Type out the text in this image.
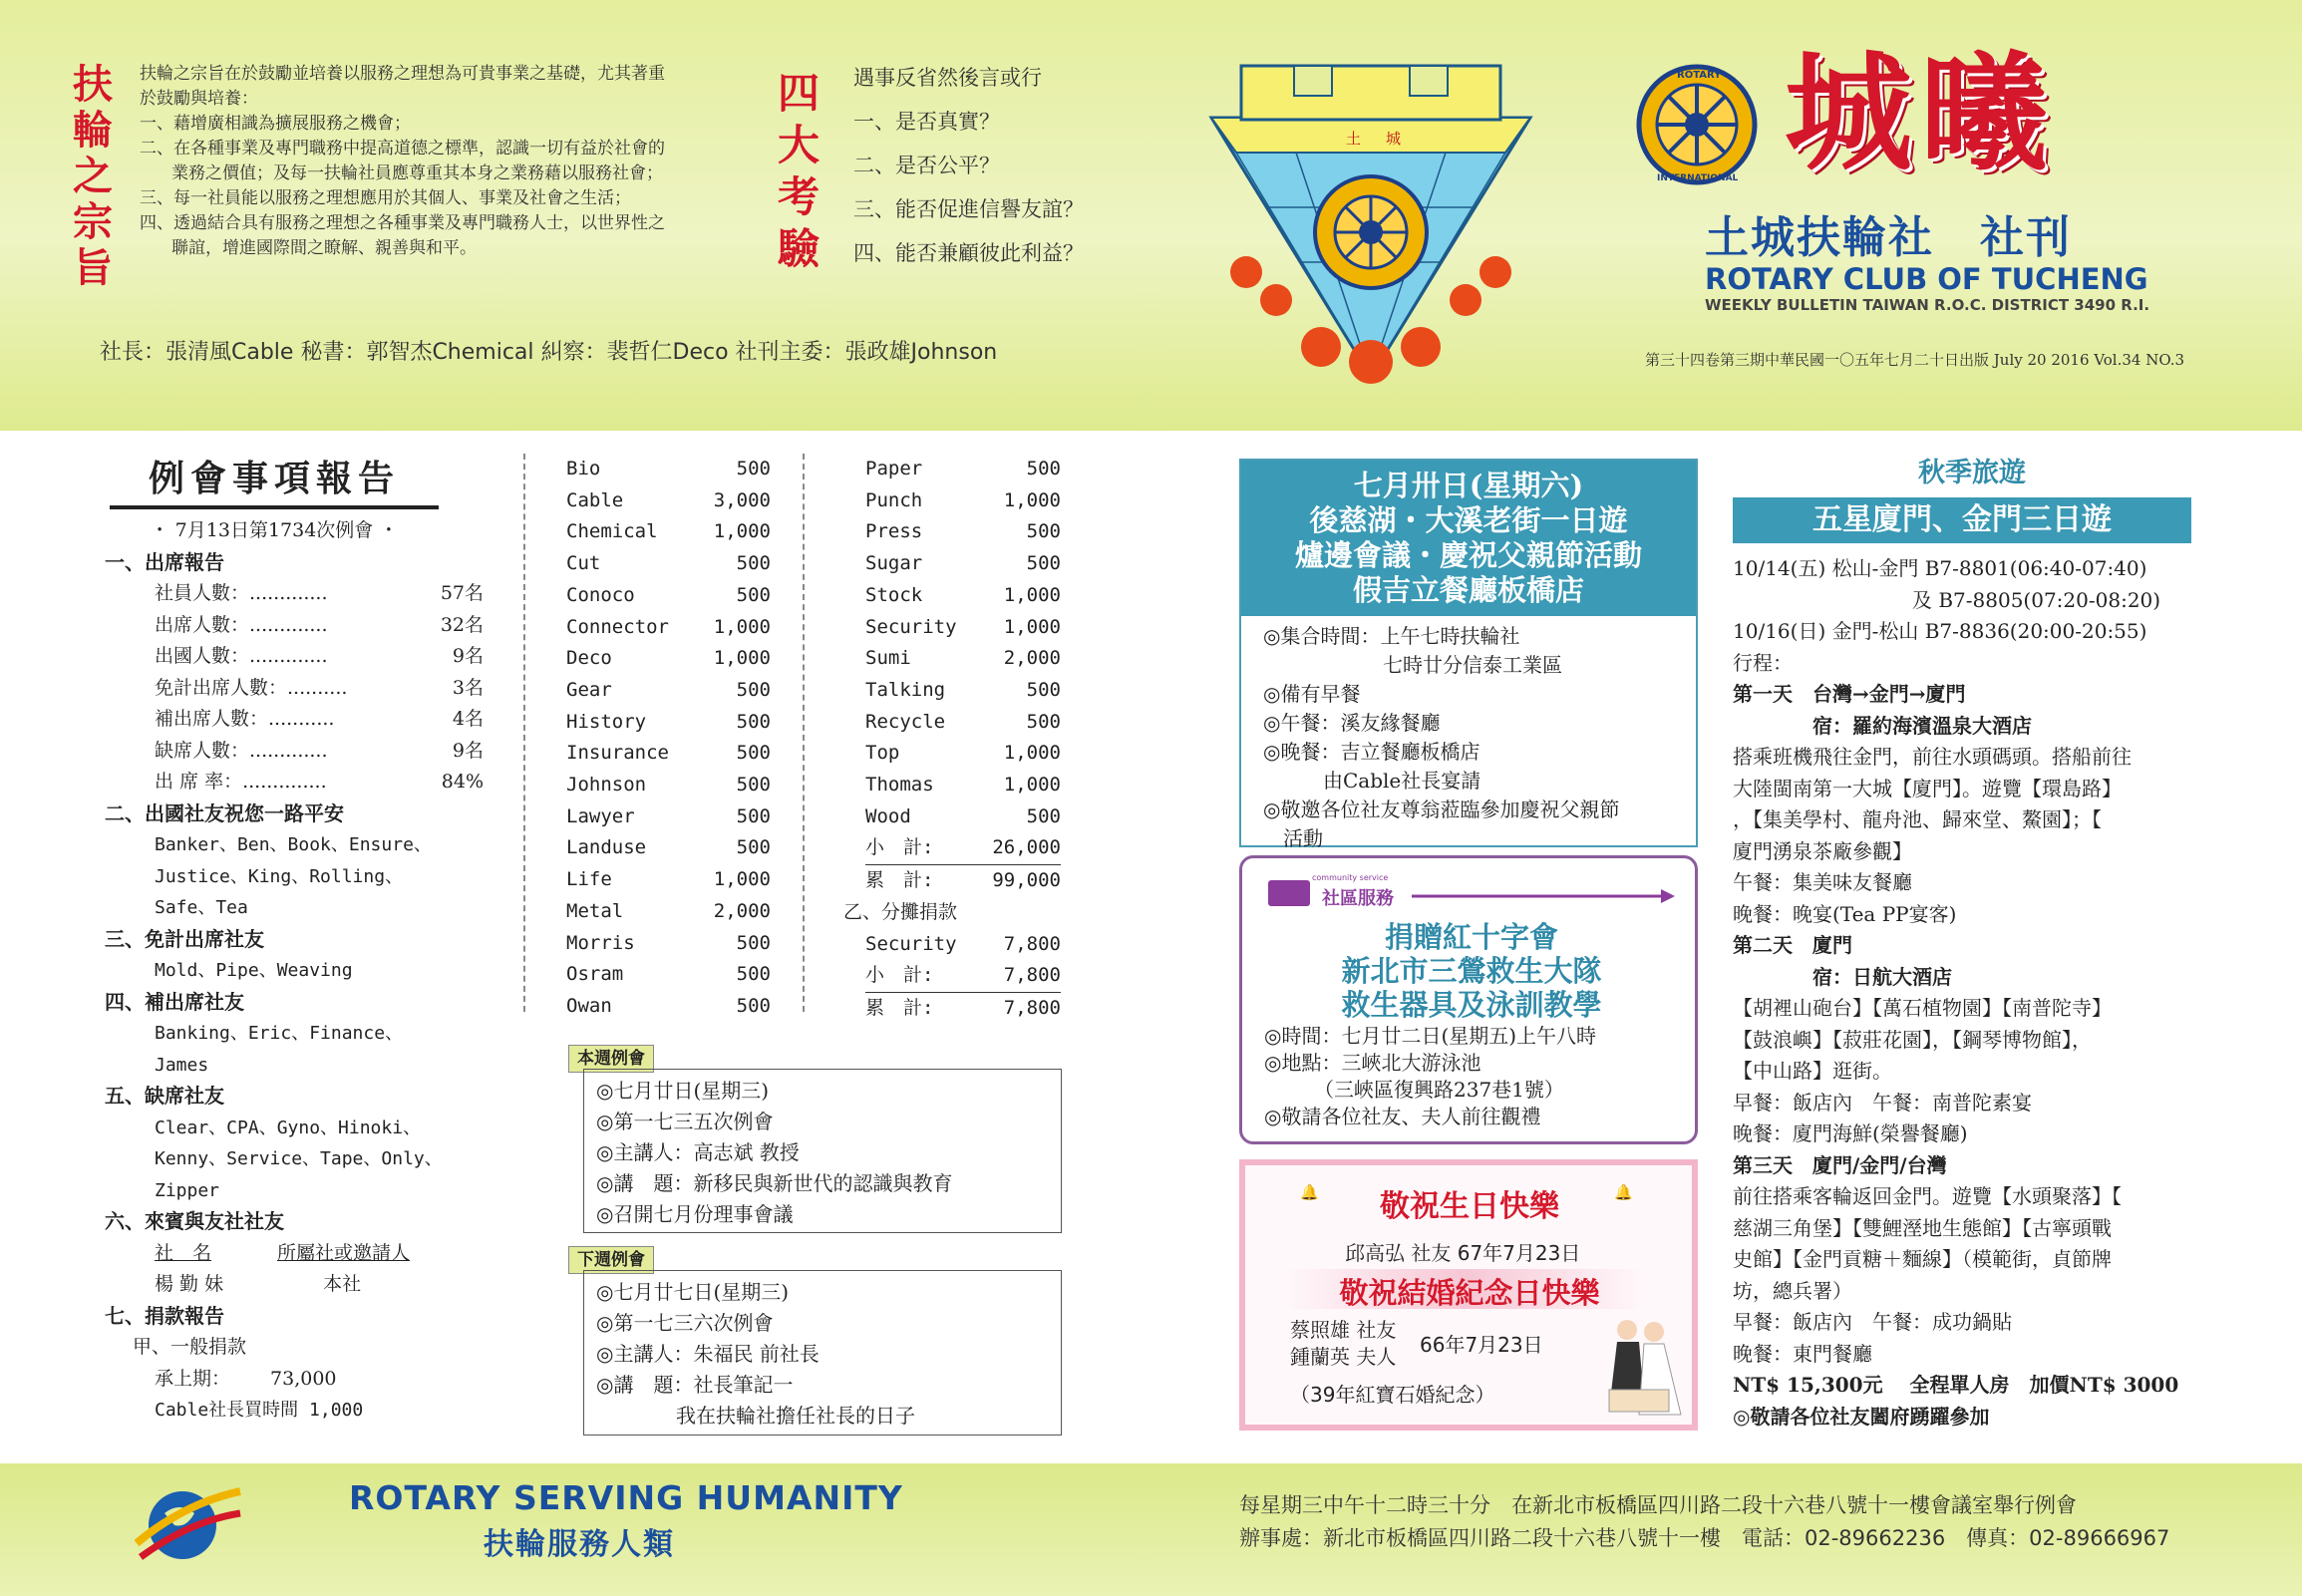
扶輪之宗旨
扶輪之宗旨在於鼓勵並培養以服務之理想為可貴事業之基礎，尤其著重
於鼓勵與培養：
一、藉增廣相識為擴展服務之機會；
二、在各種事業及專門職務中提高道德之標準，認識一切有益於社會的
業務之價值；及每一扶輪社員應尊重其本身之業務藉以服務社會；
三、每一社員能以服務之理想應用於其個人、事業及社會之生活；
四、透過結合具有服務之理想之各種事業及專門職務人士，以世界性之
聯誼，增進國際間之瞭解、親善與和平。
四大考驗
遇事反省然後言或行
一、是否真實？
二、是否公平？
三、能否促進信譽友誼？
四、能否兼顧彼此利益？
社長：張清風Cable 秘書：郭智杰Chemical 糾察：裴哲仁Deco 社刊主委：張政雄Johnson
土 城
ROTARY
INTERNATIONAL 城曦
土城扶輪社　社刊
ROTARY CLUB OF TUCHENG
WEEKLY BULLETIN TAIWAN R.O.C. DISTRICT 3490 R.I.
第三十四卷第三期中華民國一〇五年七月二十日出版 July 20 2016 Vol.34 NO.3
例會事項報告
・ 7月13日第1734次例會 ・
一、出席報告
社員人數：.............	57名
出席人數：.............	32名
出國人數：.............	9名
免計出席人數：..........	3名
補出席人數：...........	4名
缺席人數：.............	9名
出 席 率：..............	84%
二、出國社友祝您一路平安
Banker、Ben、Book、Ensure、
Justice、King、Rolling、
Safe、Tea
三、免計出席社友
Mold、Pipe、Weaving
四、補出席社友
Banking、Eric、Finance、
James
五、缺席社友
Clear、CPA、Gyno、Hinoki、
Kenny、Service、Tape、Only、
Zipper
六、來賓與友社社友
社　名	所屬社或邀請人
楊 勤 妹	本社
七、捐款報告
甲、一般捐款
承上期： 73,000
Cable社長買時間 1,000
Bio	500
Cable	3,000
Chemical	1,000
Cut	500
Conoco	500
Connector 1,000
Deco	1,000
Gear	500
History	500
Insurance	500
Johnson	500
Lawyer	500
Landuse	500
Life	1,000
Metal	2,000
Morris	500
Osram	500
Owan	500
Paper	500
Punch	1,000
Press	500
Sugar	500
Stock	1,000
Security 1,000
Sumi	2,000
Talking	500
Recycle	500
Top	1,000
Thomas	1,000
Wood	500
小　計:	26,000
累　計:	99,000
乙、分攤捐款
Security 7,800
小　計:	7,800
累　計:	7,800
本週例會
◎七月廿日(星期三)
◎第一七三五次例會
◎主講人：高志斌 教授
◎講　題：新移民與新世代的認識與教育
◎召開七月份理事會議
下週例會
◎七月廿七日(星期三)
◎第一七三六次例會
◎主講人：朱福民 前社長
◎講　題：社長筆記一
　　　　我在扶輪社擔任社長的日子
七月卅日(星期六)
後慈湖・大溪老街一日遊
爐邊會議・慶祝父親節活動
假吉立餐廳板橋店
◎集合時間：上午七時扶輪社
　　　　　　七時廿分信泰工業區
◎備有早餐
◎午餐：溪友緣餐廳
◎晚餐：吉立餐廳板橋店
　　　由Cable社長宴請
◎敬邀各位社友尊翁蒞臨參加慶祝父親節
　活動
community service
社區服務
捐贈紅十字會
新北市三鶯救生大隊
救生器具及泳訓教學
◎時間：七月廿二日(星期五)上午八時
◎地點：三峽北大游泳池
　　　（三峽區復興路237巷1號）
◎敬請各位社友、夫人前往觀禮
🔔	敬祝生日快樂	🔔
邱高弘 社友 67年7月23日
敬祝結婚紀念日快樂
蔡照雄 社友
鍾蘭英 夫人 66年7月23日
（39年紅寶石婚紀念）
秋季旅遊
五星廈門、金門三日遊
10/14(五) 松山-金門 B7-8801(06:40-07:40)
　　　　　　　　　及 B7-8805(07:20-08:20)
10/16(日) 金門-松山 B7-8836(20:00-20:55)
行程：
第一天　台灣→金門→廈門
　　　　宿：羅約海濱溫泉大酒店
搭乘班機飛往金門，前往水頭碼頭。搭船前往
大陸閩南第一大城【廈門】。遊覽【環島路】
，【集美學村、龍舟池、歸來堂、鰲園】；【
廈門湧泉茶廠參觀】
午餐：集美味友餐廳
晚餐：晚宴(Tea PP宴客)
第二天　廈門
　　　　宿：日航大酒店
【胡裡山砲台】【萬石植物園】【南普陀寺】
【鼓浪嶼】【菽莊花園】，【鋼琴博物館】，
【中山路】逛街。
早餐：飯店內　午餐：南普陀素宴
晚餐：廈門海鮮(榮譽餐廳)
第三天　廈門/金門/台灣
前往搭乘客輪返回金門。遊覽【水頭聚落】【
慈湖三角堡】【雙鯉溼地生態館】【古寧頭戰
史館】【金門貢糖＋麵線】（模範街，貞節牌
坊，總兵署）
早餐：飯店內　午餐：成功鍋貼
晚餐：東門餐廳
NT$ 15,300元　 全程單人房　加價NT$ 3000
◎敬請各位社友闔府踴躍參加
ROTARY SERVING HUMANITY
扶輪服務人類
每星期三中午十二時三十分　在新北市板橋區四川路二段十六巷八號十一樓會議室舉行例會
辦事處：新北市板橋區四川路二段十六巷八號十一樓　電話：02-89662236　傳真：02-89666967
